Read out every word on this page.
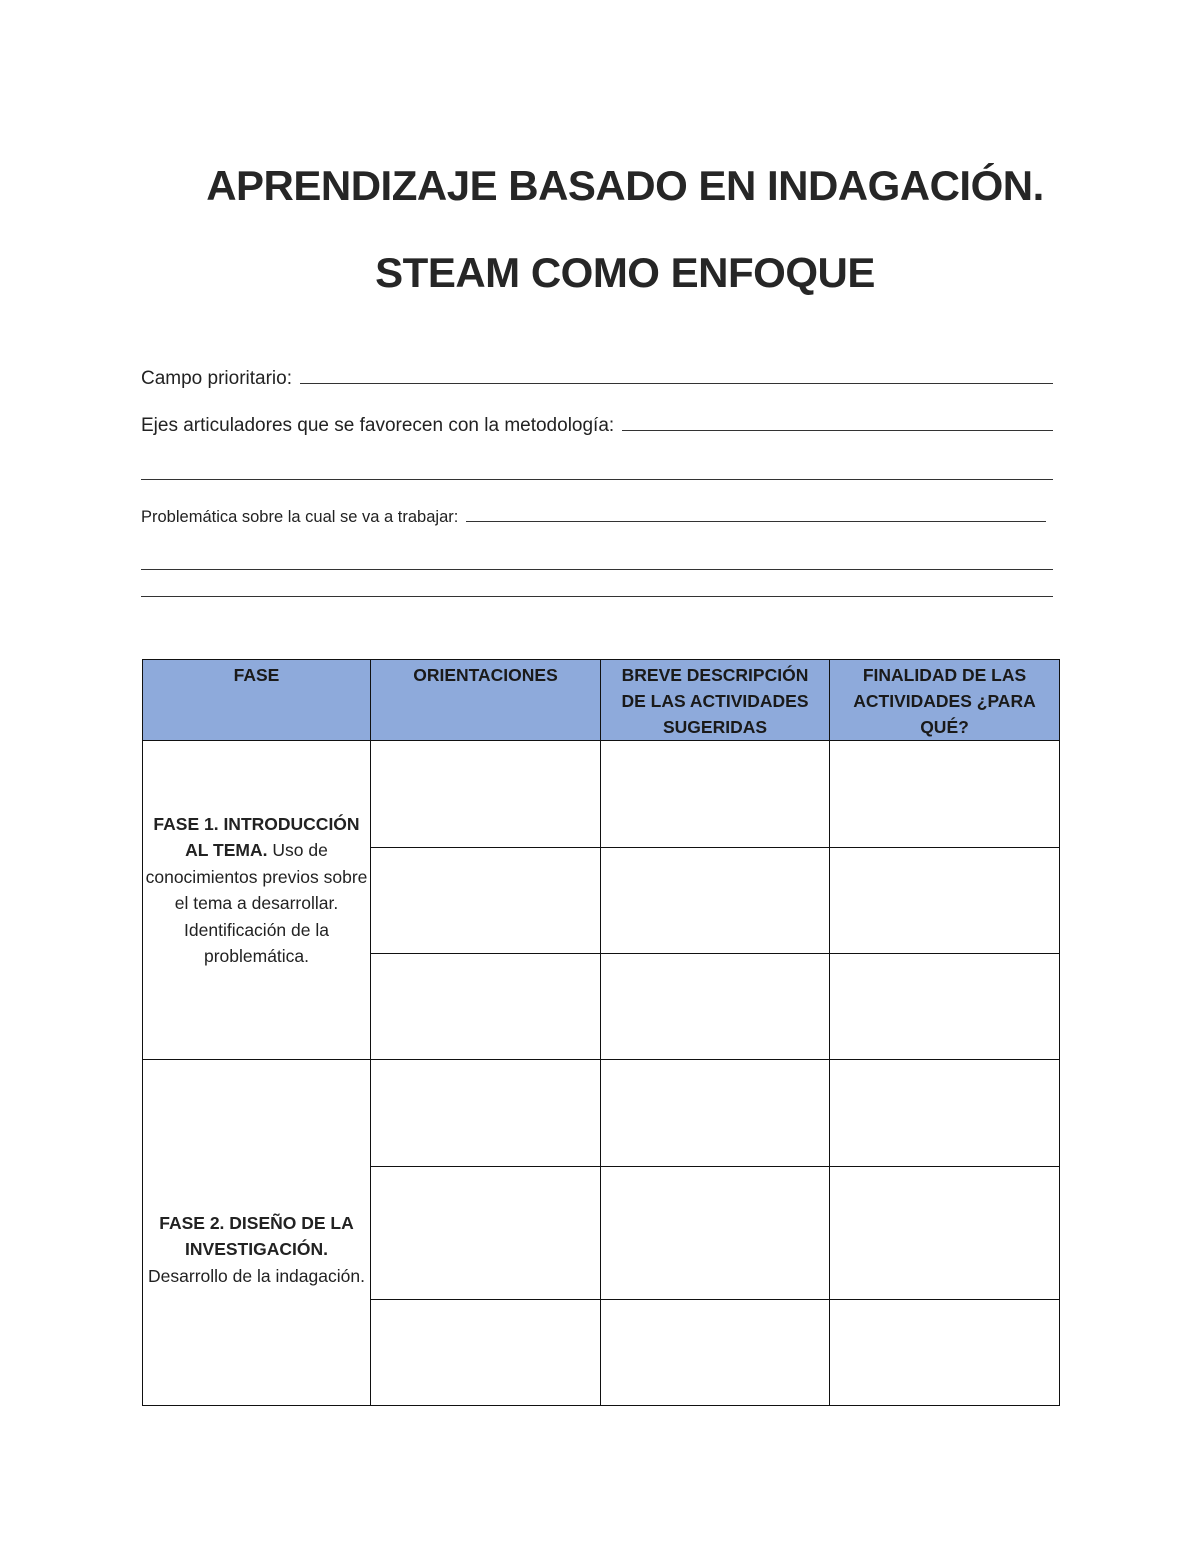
APRENDIZAJE BASADO EN INDAGACIÓN.
STEAM COMO ENFOQUE
Campo prioritario:
Ejes articuladores que se favorecen con la metodología:
Problemática sobre la cual se va a trabajar:
FASE	ORIENTACIONES	BREVE DESCRIPCIÓN DE LAS ACTIVIDADES SUGERIDAS	FINALIDAD DE LAS ACTIVIDADES ¿PARA QUÉ?
FASE 1. INTRODUCCIÓN AL TEMA. Uso de conocimientos previos sobre el tema a desarrollar. Identificación de la problemática.			

FASE 2. DISEÑO DE LA INVESTIGACIÓN. Desarrollo de la indagación.			
